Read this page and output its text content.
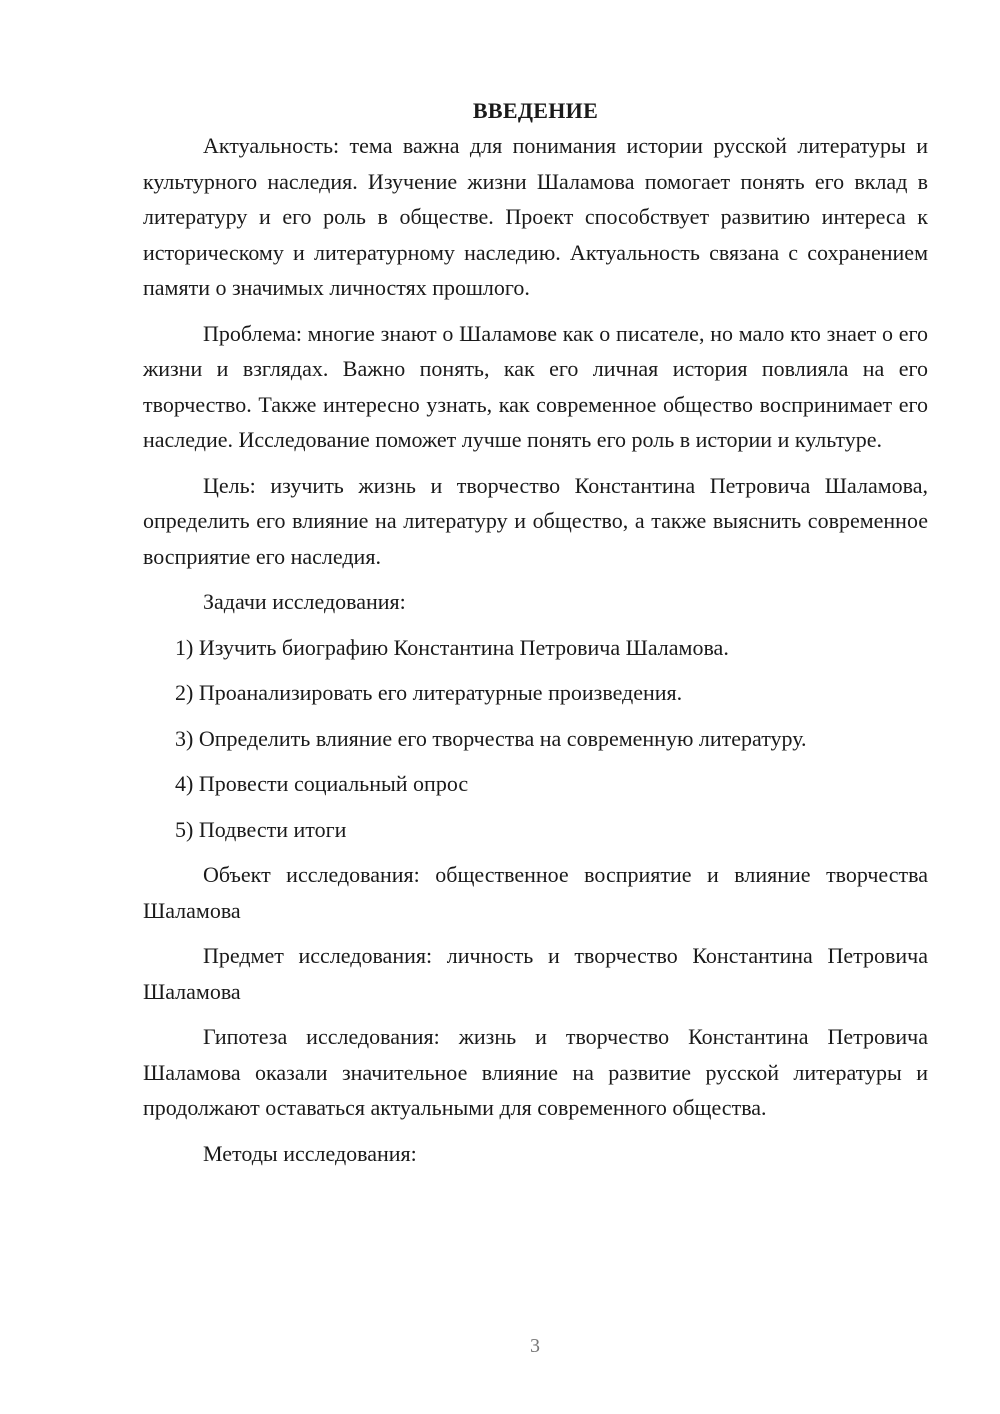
ВВЕДЕНИЕ

Актуальность: тема важна для понимания истории русской литературы и культурного наследия. Изучение жизни Шаламова помогает понять его вклад в литературу и его роль в обществе. Проект способствует развитию интереса к историческому и литературному наследию. Актуальность связана с сохранением памяти о значимых личностях прошлого.

Проблема: многие знают о Шаламове как о писателе, но мало кто знает о его жизни и взглядах. Важно понять, как его личная история повлияла на его творчество. Также интересно узнать, как современное общество воспринимает его наследие. Исследование поможет лучше понять его роль в истории и культуре.

Цель: изучить жизнь и творчество Константина Петровича Шаламова, определить его влияние на литературу и общество, а также выяснить современное восприятие его наследия.

Задачи исследования:

1) Изучить биографию Константина Петровича Шаламова.
2) Проанализировать его литературные произведения.
3) Определить влияние его творчества на современную литературу.
4) Провести социальный опрос
5) Подвести итоги

Объект исследования: общественное восприятие и влияние творчества Шаламова

Предмет исследования: личность и творчество Константина Петровича Шаламова

Гипотеза исследования: жизнь и творчество Константина Петровича Шаламова оказали значительное влияние на развитие русской литературы и продолжают оставаться актуальными для современного общества.

Методы исследования:

3
